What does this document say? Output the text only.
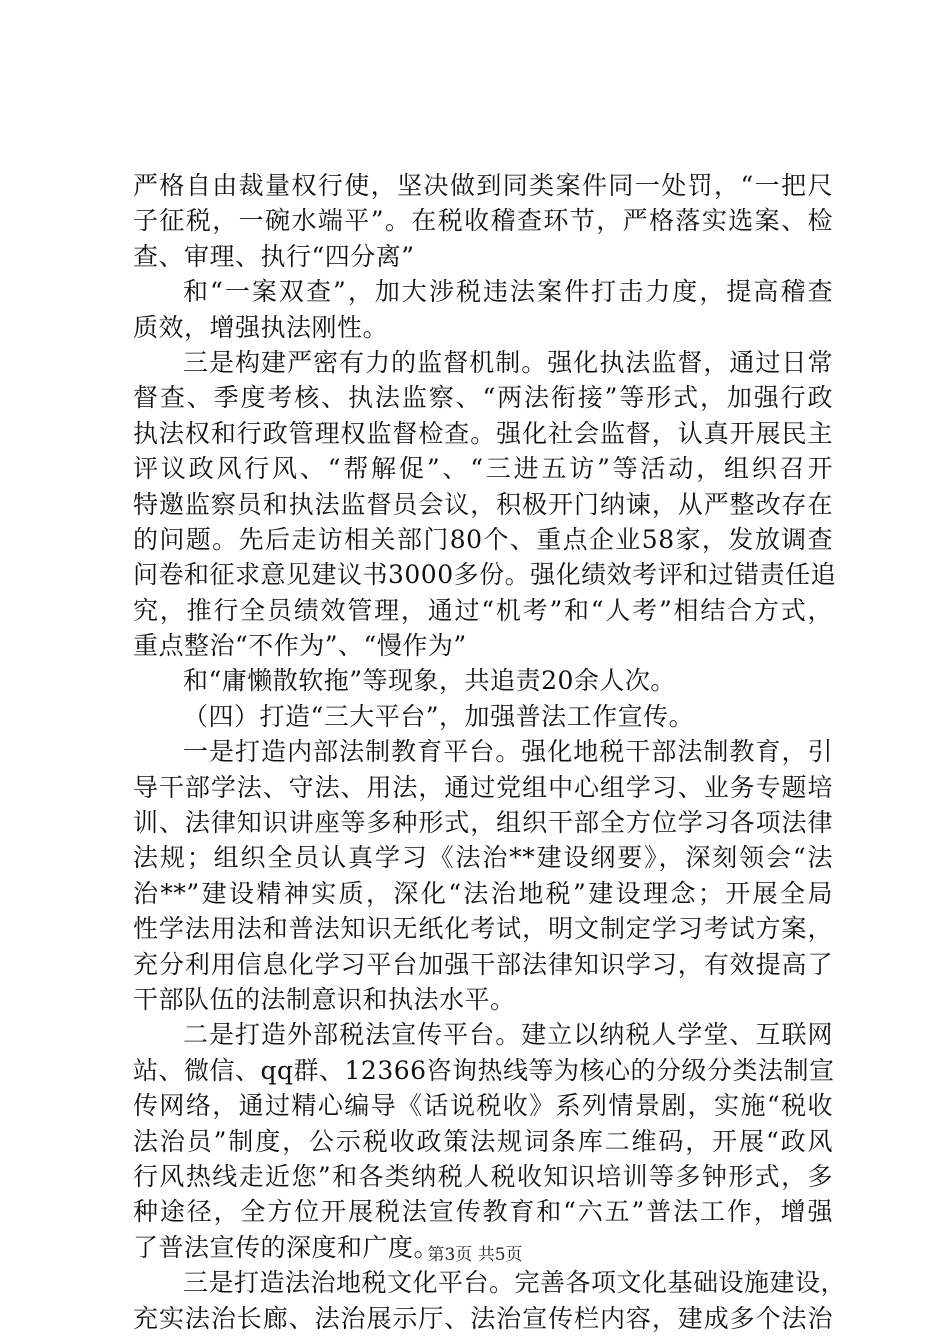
严格自由裁量权行使，坚决做到同类案件同一处罚，“一把尺
子征税，一碗水端平”。在税收稽查环节，严格落实选案、检
查、审理、执行“四分离”
和“一案双查”，加大涉税违法案件打击力度，提高稽查
质效，增强执法刚性。
三是构建严密有力的监督机制。强化执法监督，通过日常
督查、季度考核、执法监察、“两法衔接”等形式，加强行政
执法权和行政管理权监督检查。强化社会监督，认真开展民主
评议政风行风、“帮解促”、“三进五访”等活动，组织召开
特邀监察员和执法监督员会议，积极开门纳谏，从严整改存在
的问题。先后走访相关部门80个、重点企业58家，发放调查
问卷和征求意见建议书3000多份。强化绩效考评和过错责任追
究，推行全员绩效管理，通过“机考”和“人考”相结合方式，
重点整治“不作为”、“慢作为”
和“庸懒散软拖”等现象，共追责20余人次。
（四）打造“三大平台”，加强普法工作宣传。
一是打造内部法制教育平台。强化地税干部法制教育，引
导干部学法、守法、用法，通过党组中心组学习、业务专题培
训、法律知识讲座等多种形式，组织干部全方位学习各项法律
法规；组织全员认真学习《法治**建设纲要》，深刻领会“法
治**”建设精神实质，深化“法治地税”建设理念；开展全局
性学法用法和普法知识无纸化考试，明文制定学习考试方案，
充分利用信息化学习平台加强干部法律知识学习，有效提高了
干部队伍的法制意识和执法水平。
二是打造外部税法宣传平台。建立以纳税人学堂、互联网
站、微信、qq群、12366咨询热线等为核心的分级分类法制宣
传网络，通过精心编导《话说税收》系列情景剧，实施“税收
法治员”制度，公示税收政策法规词条库二维码，开展“政风
行风热线走近您”和各类纳税人税收知识培训等多钟形式，多
种途径，全方位开展税法宣传教育和“六五”普法工作，增强
了普法宣传的深度和广度。
三是打造法治地税文化平台。完善各项文化基础设施建设，
充实法治长廊、法治展示厅、法治宣传栏内容，建成多个法治
第3页 共5页
